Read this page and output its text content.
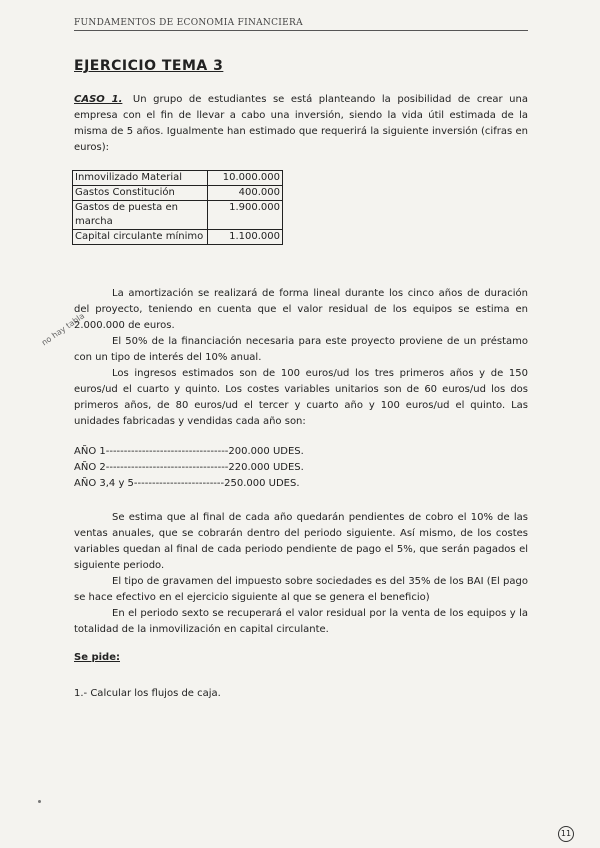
FUNDAMENTOS DE ECONOMIA FINANCIERA
EJERCICIO TEMA 3
CASO 1. Un grupo de estudiantes se está planteando la posibilidad de crear una empresa con el fin de llevar a cabo una inversión, siendo la vida útil estimada de la misma de 5 años. Igualmente han estimado que requerirá la siguiente inversión (cifras en euros):
Inmovilizado Material	10.000.000
Gastos Constitución	400.000
Gastos de puesta en marcha	1.900.000
Capital circulante mínimo	1.100.000
La amortización se realizará de forma lineal durante los cinco años de duración del proyecto, teniendo en cuenta que el valor residual de los equipos se estima en 2.000.000 de euros.
El 50% de la financiación necesaria para este proyecto proviene de un préstamo con un tipo de interés del 10% anual.
Los ingresos estimados son de 100 euros/ud los tres primeros años y de 150 euros/ud el cuarto y quinto. Los costes variables unitarios son de 60 euros/ud los dos primeros años, de 80 euros/ud el tercer y cuarto año y 100 euros/ud el quinto. Las unidades fabricadas y vendidas cada año son:
AÑO 1----------------------------------200.000 UDES.
AÑO 2----------------------------------220.000 UDES.
AÑO 3,4 y 5-------------------------250.000 UDES.
Se estima que al final de cada año quedarán pendientes de cobro el 10% de las ventas anuales, que se cobrarán dentro del periodo siguiente. Así mismo, de los costes variables quedan al final de cada periodo pendiente de pago el 5%, que serán pagados el siguiente periodo.
El tipo de gravamen del impuesto sobre sociedades es del 35% de los BAI (El pago se hace efectivo en el ejercicio siguiente al que se genera el beneficio)
En el periodo sexto se recuperará el valor residual por la venta de los equipos y la totalidad de la inmovilización en capital circulante.
Se pide:
1.- Calcular los flujos de caja.
no hay tabla
11
